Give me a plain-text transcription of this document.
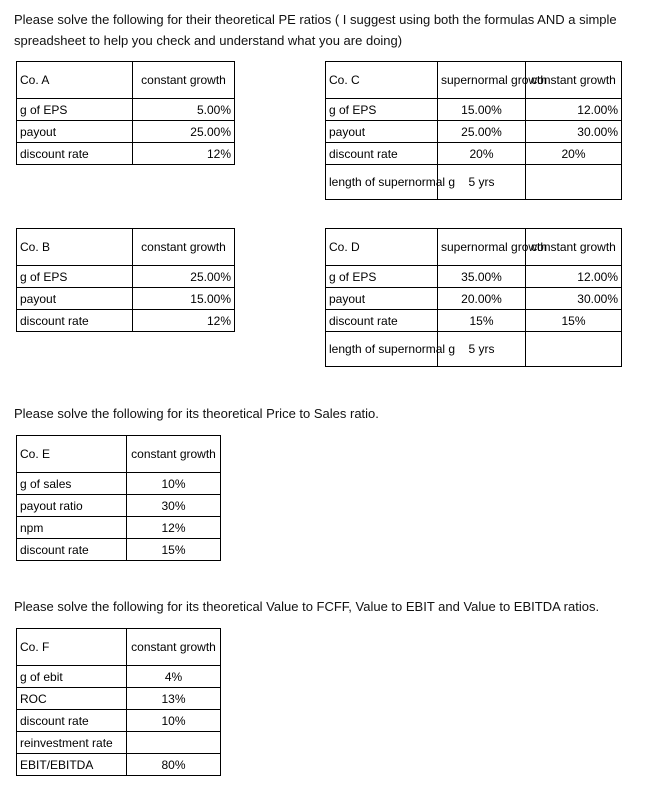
Please solve the following for their theoretical PE ratios ( I suggest using both the formulas AND a simple spreadsheet to help you check and understand what you are doing)
Co. A	constant growth
g of EPS	5.00%
payout	25.00%
discount rate	12%
Co. C	supernormal growth	constant growth
g of EPS	15.00%	12.00%
payout	25.00%	30.00%
discount rate	20%	20%
length of supernormal g	5 yrs	
Co. B	constant growth
g of EPS	25.00%
payout	15.00%
discount rate	12%
Co. D	supernormal growth	constant growth
g of EPS	35.00%	12.00%
payout	20.00%	30.00%
discount rate	15%	15%
length of supernormal g	5 yrs	
Please solve the following for its theoretical Price to Sales ratio.
Co. E	constant growth
g of sales	10%
payout ratio	30%
npm	12%
discount rate	15%
Please solve the following for its theoretical Value to FCFF, Value to EBIT and Value to EBITDA ratios.
Co. F	constant growth
g of ebit	4%
ROC	13%
discount rate	10%
reinvestment rate	
EBIT/EBITDA	80%
